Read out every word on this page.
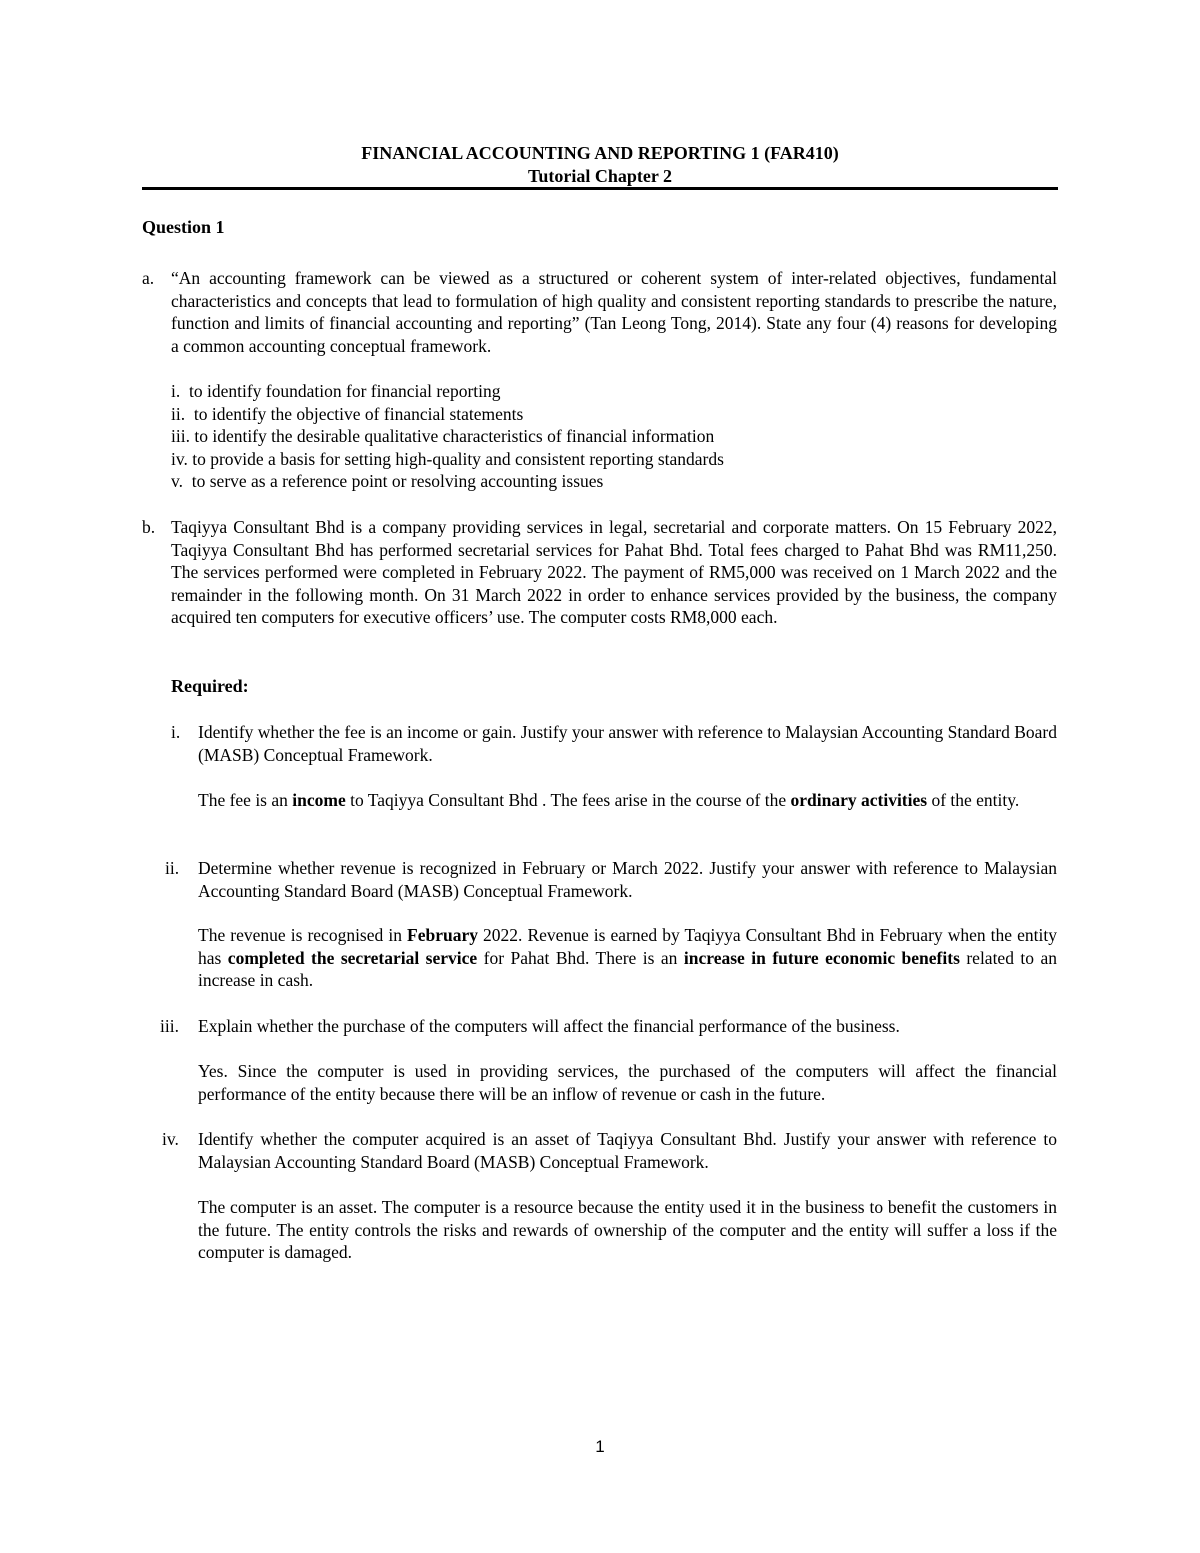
FINANCIAL ACCOUNTING AND REPORTING 1 (FAR410)
Tutorial Chapter 2
Question 1
a. “An accounting framework can be viewed as a structured or coherent system of inter-related objectives, fundamental characteristics and concepts that lead to formulation of high quality and consistent reporting standards to prescribe the nature, function and limits of financial accounting and reporting” (Tan Leong Tong, 2014). State any four (4) reasons for developing a common accounting conceptual framework.
i. to identify foundation for financial reporting
ii. to identify the objective of financial statements
iii. to identify the desirable qualitative characteristics of financial information
iv. to provide a basis for setting high-quality and consistent reporting standards
v. to serve as a reference point or resolving accounting issues
b. Taqiyya Consultant Bhd is a company providing services in legal, secretarial and corporate matters. On 15 February 2022, Taqiyya Consultant Bhd has performed secretarial services for Pahat Bhd. Total fees charged to Pahat Bhd was RM11,250. The services performed were completed in February 2022. The payment of RM5,000 was received on 1 March 2022 and the remainder in the following month. On 31 March 2022 in order to enhance services provided by the business, the company acquired ten computers for executive officers’ use. The computer costs RM8,000 each.
Required:
i. Identify whether the fee is an income or gain. Justify your answer with reference to Malaysian Accounting Standard Board (MASB) Conceptual Framework.
The fee is an income to Taqiyya Consultant Bhd . The fees arise in the course of the ordinary activities of the entity.
ii. Determine whether revenue is recognized in February or March 2022. Justify your answer with reference to Malaysian Accounting Standard Board (MASB) Conceptual Framework.
The revenue is recognised in February 2022. Revenue is earned by Taqiyya Consultant Bhd in February when the entity has completed the secretarial service for Pahat Bhd. There is an increase in future economic benefits related to an increase in cash.
iii. Explain whether the purchase of the computers will affect the financial performance of the business.
Yes. Since the computer is used in providing services, the purchased of the computers will affect the financial performance of the entity because there will be an inflow of revenue or cash in the future.
iv. Identify whether the computer acquired is an asset of Taqiyya Consultant Bhd. Justify your answer with reference to Malaysian Accounting Standard Board (MASB) Conceptual Framework.
The computer is an asset. The computer is a resource because the entity used it in the business to benefit the customers in the future. The entity controls the risks and rewards of ownership of the computer and the entity will suffer a loss if the computer is damaged.
1
